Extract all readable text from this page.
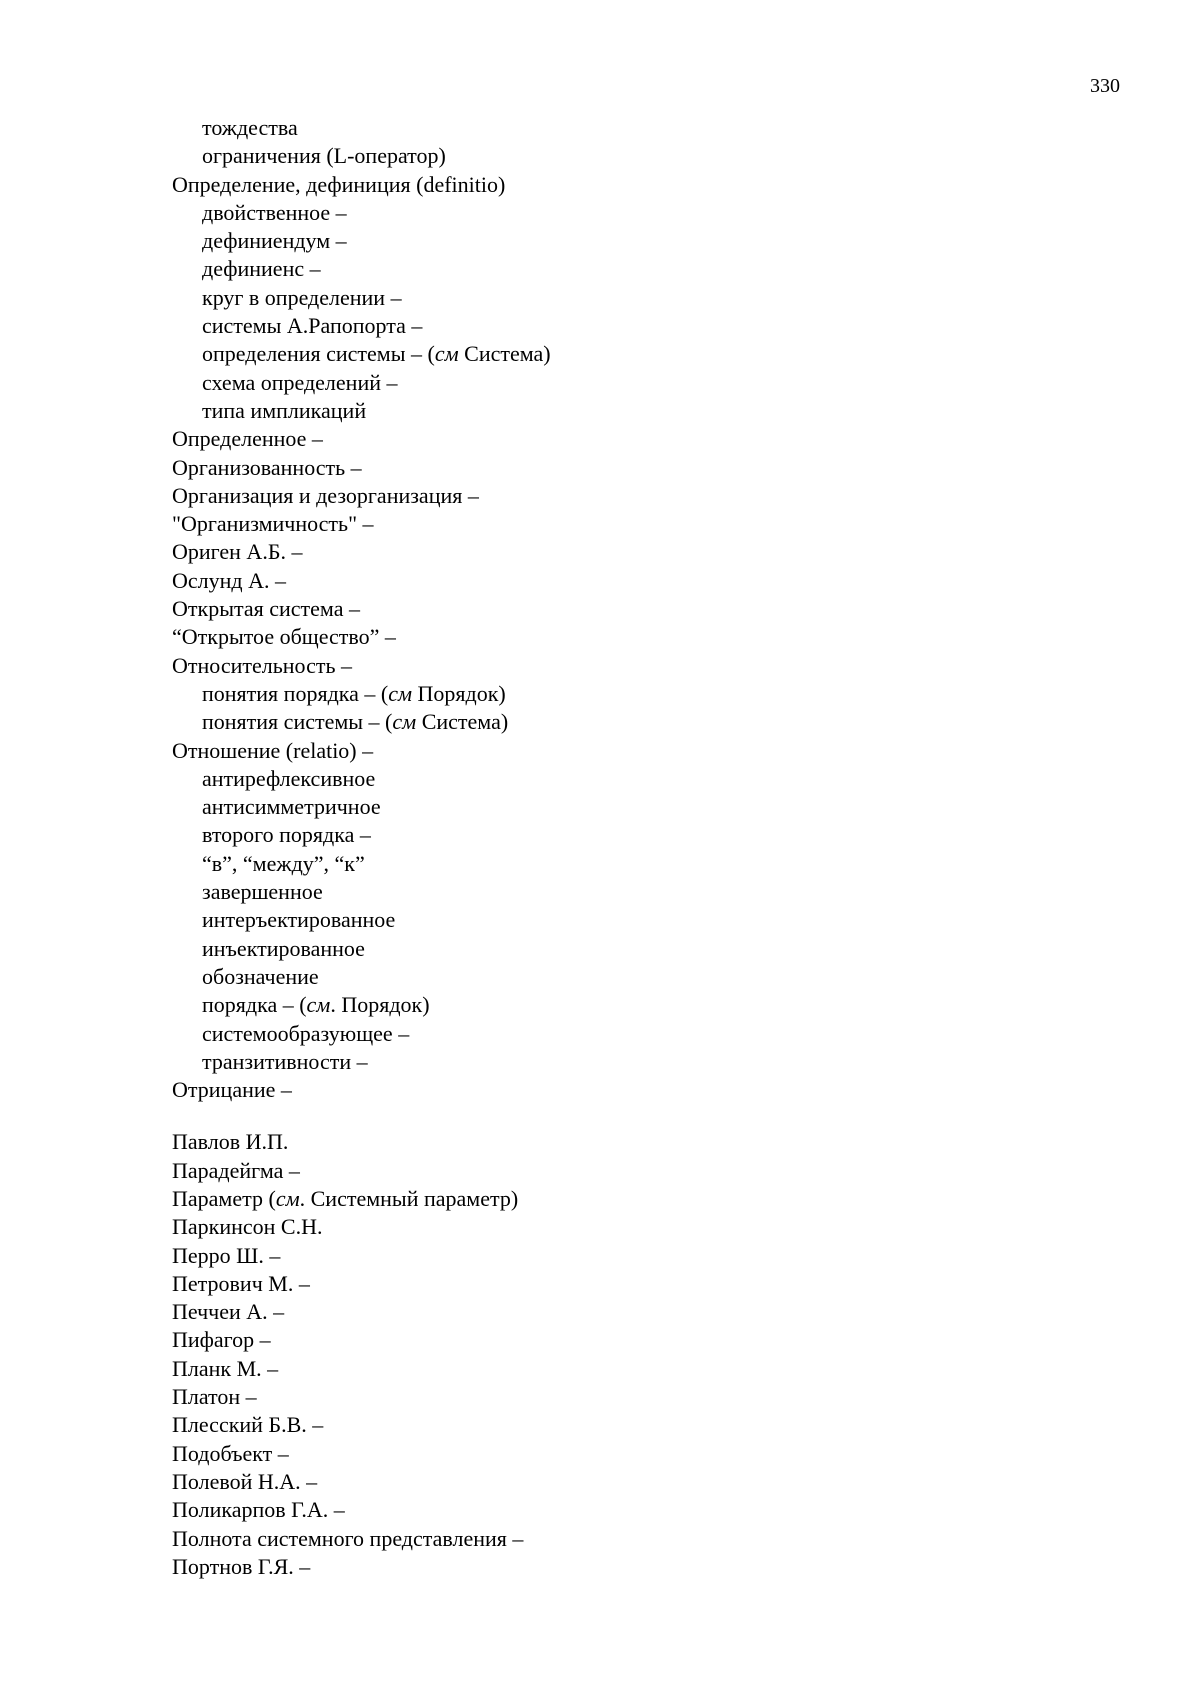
330
тождества
ограничения (L-оператор)
Определение, дефиниция (definitio)
двойственное –
дефиниендум –
дефиниенс –
круг в определении –
системы А.Рапопорта –
определения системы – (см Система)
схема определений –
типа импликаций
Определенное –
Организованность –
Организация и дезорганизация –
"Организмичность" –
Ориген А.Б. –
Ослунд А. –
Открытая система –
“Открытое общество” –
Относительность –
понятия порядка – (см Порядок)
понятия системы – (см Система)
Отношение (relatio) –
антирефлексивное
антисимметричное
второго порядка –
“в”, “между”, “к”
завершенное
интеръектированное
инъектированное
обозначение
порядка – (см. Порядок)
системообразующее –
транзитивности –
Отрицание –
Павлов И.П.
Парадейгма –
Параметр (см. Системный параметр)
Паркинсон С.Н.
Перро Ш. –
Петрович М. –
Печчеи А. –
Пифагор –
Планк М. –
Платон –
Плесский Б.В. –
Подобъект –
Полевой Н.А. –
Поликарпов Г.А. –
Полнота системного представления –
Портнов Г.Я. –
